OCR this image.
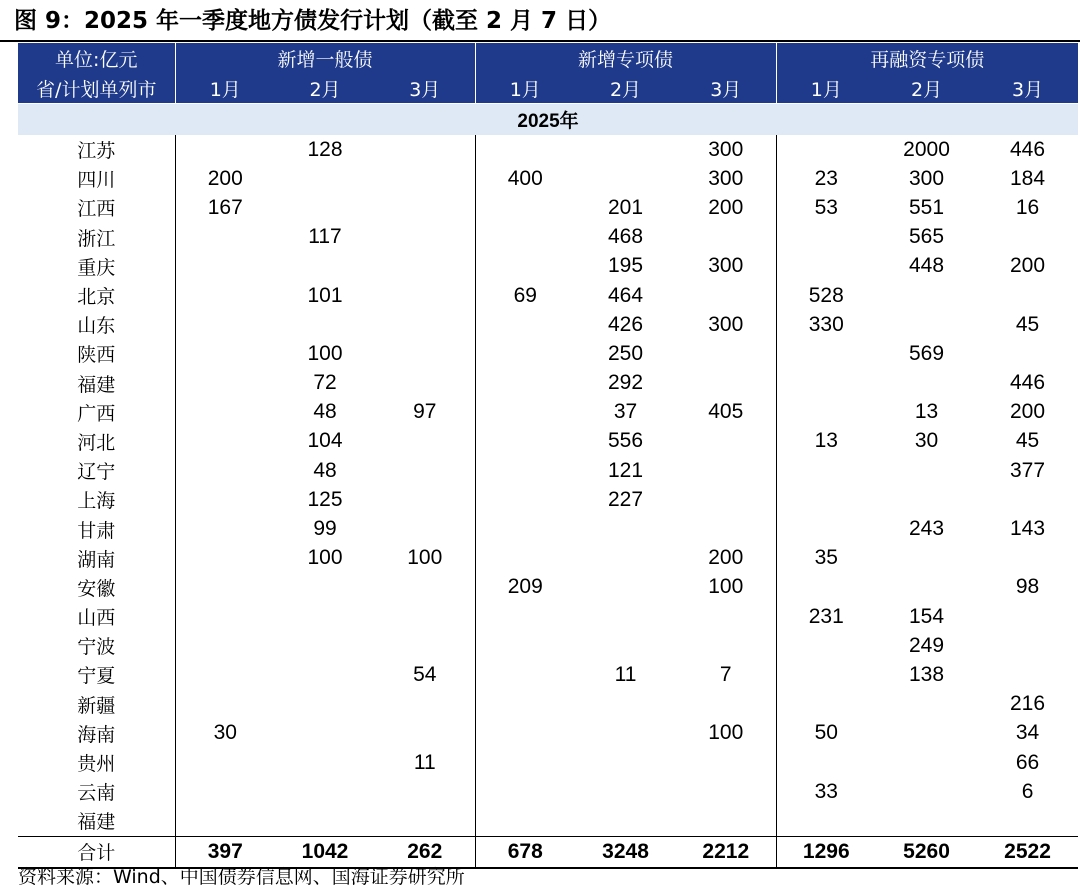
图 9：2025 年一季度地方债发行计划（截至 2 月 7 日）
单位:亿元	新增一般债			新增专项债			再融资专项债		
省/计划单列市	1月	2月	3月	1月	2月	3月	1月	2月	3月
2025年									
江苏		128				300		2000	446
四川	200			400		300	23	300	184
江西	167				201	200	53	551	16
浙江		117			468			565	
重庆					195	300		448	200
北京		101		69	464		528		
山东					426	300	330		45
陕西		100			250			569	
福建		72			292				446
广西		48	97		37	405		13	200
河北		104			556		13	30	45
辽宁		48			121				377
上海		125			227				
甘肃		99						243	143
湖南		100	100			200	35		
安徽				209		100			98
山西							231	154	
宁波								249	
宁夏			54		11	7		138	
新疆									216
海南	30					100	50		34
贵州			11						66
云南							33		6
福建									
合计	397	1042	262	678	3248	2212	1296	5260	2522
资料来源：Wind、中国债券信息网、国海证券研究所
